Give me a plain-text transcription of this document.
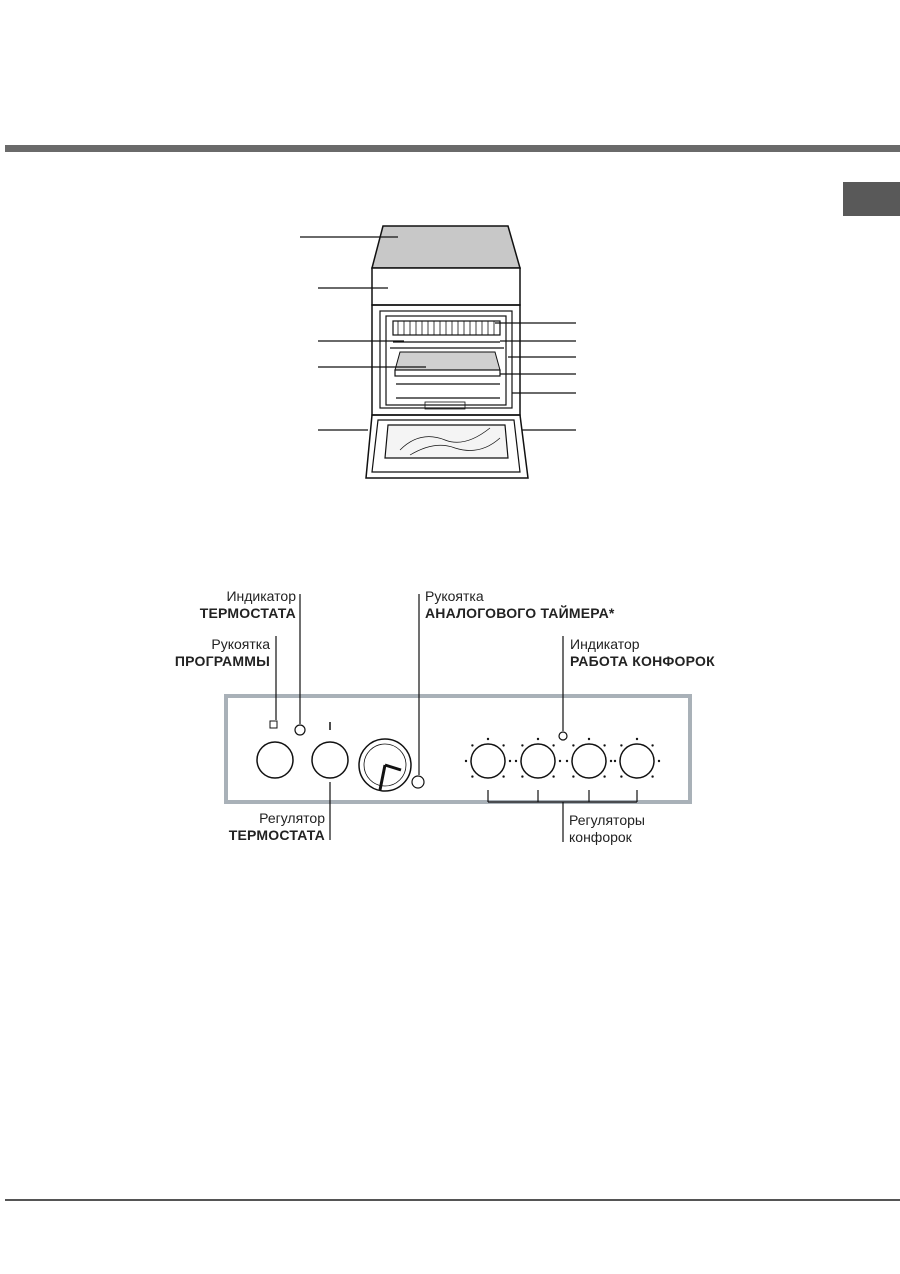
Индикатор
ТЕРМОСТАТА
Рукоятка
ПРОГРАММЫ
Рукоятка
АНАЛОГОВОГО ТАЙМЕРА*
Индикатор
РАБОТА КОНФОРОК
Регулятор
ТЕРМОСТАТА
Регуляторы
конфорок
